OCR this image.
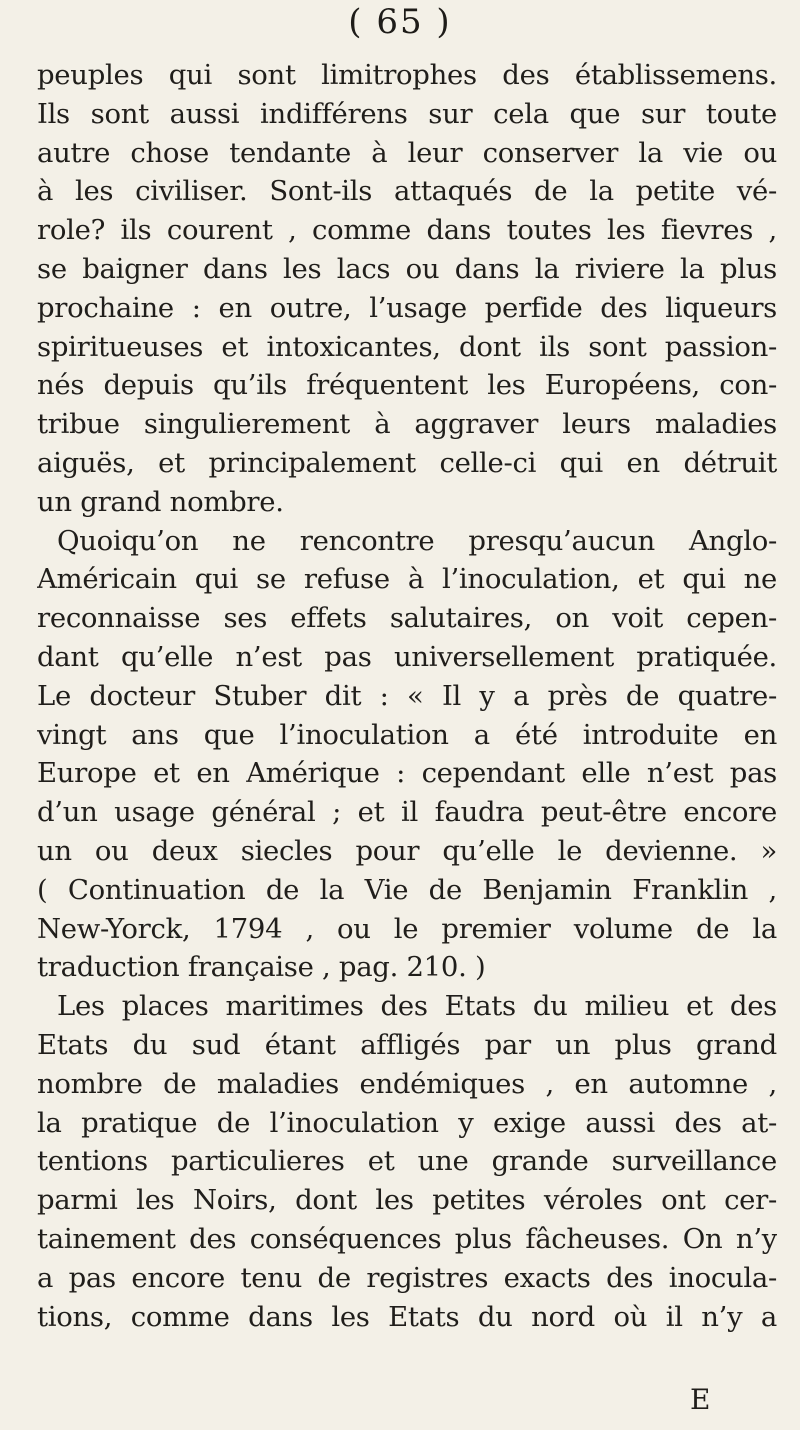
( 65 )
peuples qui sont limitrophes des établissemens.
Ils sont aussi indifférens sur cela que sur toute
autre chose tendante à leur conserver la vie ou
à les civiliser. Sont-ils attaqués de la petite vé-
role? ils courent , comme dans toutes les fievres ,
se baigner dans les lacs ou dans la riviere la plus
prochaine : en outre, l’usage perfide des liqueurs
spiritueuses et intoxicantes, dont ils sont passion-
nés depuis qu’ils fréquentent les Européens, con-
tribue singulierement à aggraver leurs maladies
aiguës, et principalement celle-ci qui en détruit
un grand nombre.
Quoiqu’on ne rencontre presqu’aucun Anglo-
Américain qui se refuse à l’inoculation, et qui ne
reconnaisse ses effets salutaires, on voit cepen-
dant qu’elle n’est pas universellement pratiquée.
Le docteur Stuber dit : « Il y a près de quatre-
vingt ans que l’inoculation a été introduite en
Europe et en Amérique : cependant elle n’est pas
d’un usage général ; et il faudra peut-être encore
un ou deux siecles pour qu’elle le devienne. »
( Continuation de la Vie de Benjamin Franklin ,
New-Yorck, 1794 , ou le premier volume de la
traduction française , pag. 210. )
Les places maritimes des Etats du milieu et des
Etats du sud étant affligés par un plus grand
nombre de maladies endémiques , en automne ,
la pratique de l’inoculation y exige aussi des at-
tentions particulieres et une grande surveillance
parmi les Noirs, dont les petites véroles ont cer-
tainement des conséquences plus fâcheuses. On n’y
a pas encore tenu de registres exacts des inocula-
tions, comme dans les Etats du nord où il n’y a
E
